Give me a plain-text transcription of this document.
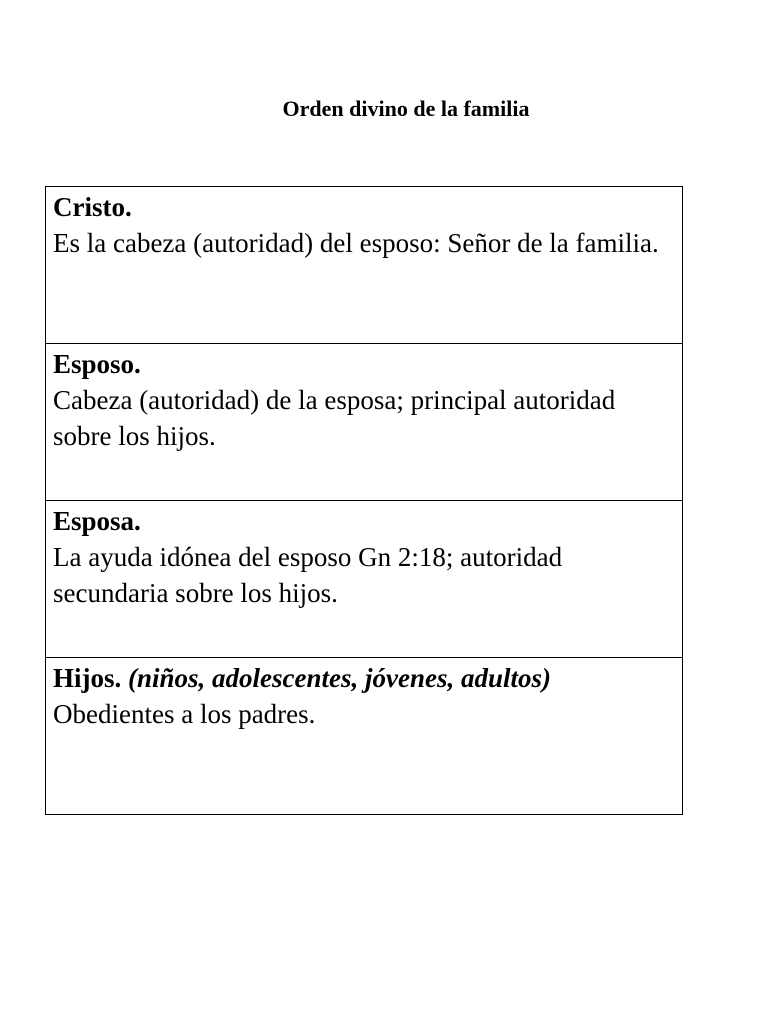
Orden divino de la familia
Cristo.
Es la cabeza (autoridad) del esposo: Señor de la familia.

Esposo.
Cabeza (autoridad) de la esposa; principal autoridad sobre los hijos.

Esposa.
La ayuda idónea del esposo Gn 2:18; autoridad secundaria sobre los hijos.

Hijos. (niños, adolescentes, jóvenes, adultos)
Obedientes a los padres.
